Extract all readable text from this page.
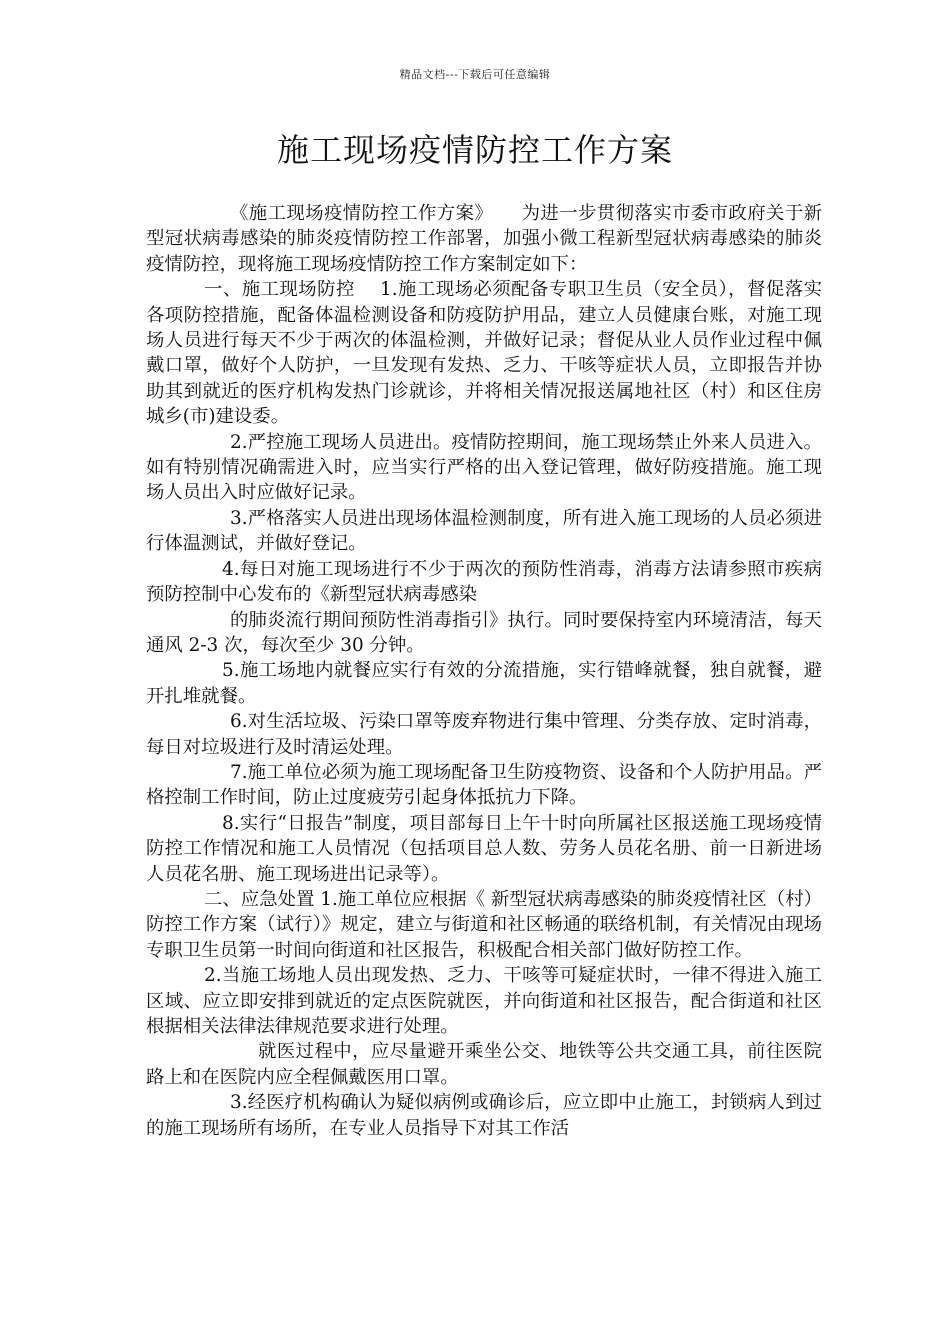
精品文档---下载后可任意编辑
施工现场疫情防控工作方案

《施工现场疫情防控工作方案》　　为进一步贯彻落实市委市政府关于新型冠状病毒感染的肺炎疫情防控工作部署，加强小微工程新型冠状病毒感染的肺炎疫情防控，现将施工现场疫情防控工作方案制定如下：

一、施工现场防控　 1.施工现场必须配备专职卫生员（安全员），督促落实各项防控措施，配备体温检测设备和防疫防护用品，建立人员健康台账，对施工现场人员进行每天不少于两次的体温检测，并做好记录；督促从业人员作业过程中佩戴口罩，做好个人防护，一旦发现有发热、乏力、干咳等症状人员，立即报告并协助其到就近的医疗机构发热门诊就诊，并将相关情况报送属地社区（村）和区住房城乡(市)建设委。

2.严控施工现场人员进出。疫情防控期间，施工现场禁止外来人员进入。如有特别情况确需进入时，应当实行严格的出入登记管理，做好防疫措施。施工现场人员出入时应做好记录。

3.严格落实人员进出现场体温检测制度，所有进入施工现场的人员必须进行体温测试，并做好登记。

4.每日对施工现场进行不少于两次的预防性消毒，消毒方法请参照市疾病预防控制中心发布的《新型冠状病毒感染

的肺炎流行期间预防性消毒指引》执行。同时要保持室内环境清洁，每天通风 2-3 次，每次至少 30 分钟。

5.施工场地内就餐应实行有效的分流措施，实行错峰就餐，独自就餐，避开扎堆就餐。

6.对生活垃圾、污染口罩等废弃物进行集中管理、分类存放、定时消毒，每日对垃圾进行及时清运处理。

7.施工单位必须为施工现场配备卫生防疫物资、设备和个人防护用品。严格控制工作时间，防止过度疲劳引起身体抵抗力下降。

8.实行“日报告”制度，项目部每日上午十时向所属社区报送施工现场疫情防控工作情况和施工人员情况（包括项目总人数、劳务人员花名册、前一日新进场人员花名册、施工现场进出记录等）。

二、应急处置 1.施工单位应根据《 新型冠状病毒感染的肺炎疫情社区（村）防控工作方案（试行）》规定，建立与街道和社区畅通的联络机制，有关情况由现场专职卫生员第一时间向街道和社区报告，积极配合相关部门做好防控工作。

2.当施工场地人员出现发热、乏力、干咳等可疑症状时，一律不得进入施工区域、应立即安排到就近的定点医院就医，并向街道和社区报告，配合街道和社区根据相关法律法律规范要求进行处理。

就医过程中，应尽量避开乘坐公交、地铁等公共交通工具，前往医院路上和在医院内应全程佩戴医用口罩。

3.经医疗机构确认为疑似病例或确诊后，应立即中止施工，封锁病人到过的施工现场所有场所，在专业人员指导下对其工作活
